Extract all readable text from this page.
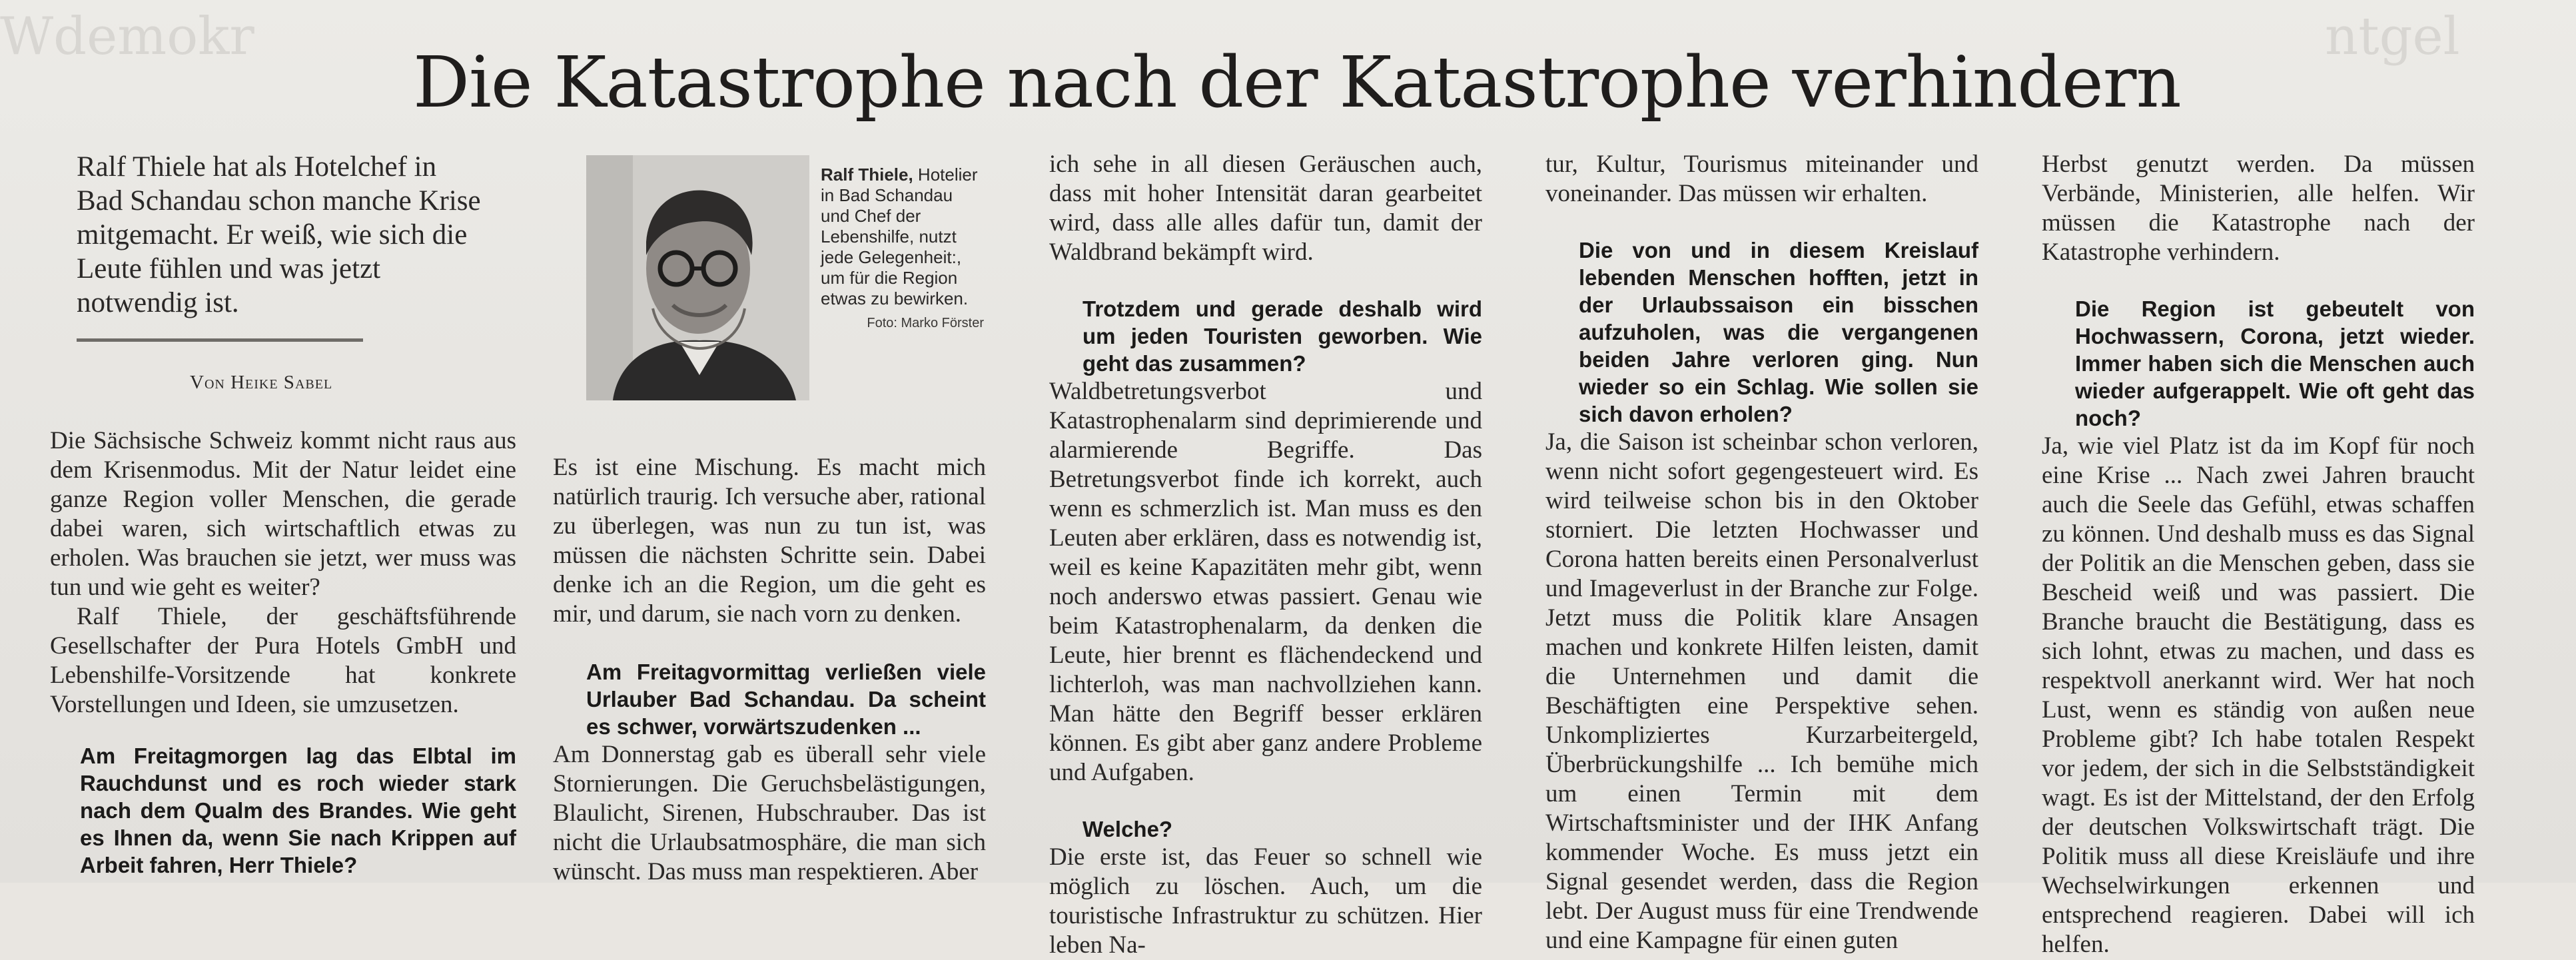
Wdemokr	ntgel
Die Katastrophe nach der Katastrophe verhindern
Ralf Thiele hat als Hotelchef in Bad Schandau schon manche Krise mitgemacht. Er weiß, wie sich die Leute fühlen und was jetzt notwendig ist.
Von Heike Sabel
Ralf Thiele, Hotelier in Bad Schandau und Chef der Lebenshilfe, nutzt jede Gelegenheit:, um für die Region etwas zu bewirken.
Foto: Marko Förster

Die Sächsische Schweiz kommt nicht raus aus dem Krisenmodus. Mit der Natur leidet eine ganze Region voller Menschen, die gerade dabei waren, sich wirtschaftlich etwas zu erholen. Was brauchen sie jetzt, wer muss was tun und wie geht es weiter?

Ralf Thiele, der geschäftsführende Gesellschafter der Pura Hotels GmbH und Lebenshilfe-Vorsitzende hat konkrete Vorstellungen und Ideen, sie umzusetzen.

Am Freitagmorgen lag das Elbtal im Rauchdunst und es roch wieder stark nach dem Qualm des Brandes. Wie geht es Ihnen da, wenn Sie nach Krippen auf Arbeit fahren, Herr Thiele?

Es ist eine Mischung. Es macht mich natürlich traurig. Ich versuche aber, rational zu überlegen, was nun zu tun ist, was müssen die nächsten Schritte sein. Dabei denke ich an die Region, um die geht es mir, und darum, sie nach vorn zu denken.

Am Freitagvormittag verließen viele Urlauber Bad Schandau. Da scheint es schwer, vorwärtszudenken ...

Am Donnerstag gab es überall sehr viele Stornierungen. Die Geruchsbelästigungen, Blaulicht, Sirenen, Hubschrauber. Das ist nicht die Urlaubsatmosphäre, die man sich wünscht. Das muss man respektieren. Aber

ich sehe in all diesen Geräuschen auch, dass mit hoher Intensität daran gearbeitet wird, dass alle alles dafür tun, damit der Waldbrand bekämpft wird.

Trotzdem und gerade deshalb wird um jeden Touristen geworben. Wie geht das zusammen?

Waldbetretungsverbot und Katastrophenalarm sind deprimierende und alarmierende Begriffe. Das Betretungsverbot finde ich korrekt, auch wenn es schmerzlich ist. Man muss es den Leuten aber erklären, dass es notwendig ist, weil es keine Kapazitäten mehr gibt, wenn noch anderswo etwas passiert. Genau wie beim Katastrophenalarm, da denken die Leute, hier brennt es flächendeckend und lichterloh, was man nachvollziehen kann. Man hätte den Begriff besser erklären können. Es gibt aber ganz andere Probleme und Aufgaben.

Welche?

Die erste ist, das Feuer so schnell wie möglich zu löschen. Auch, um die touristische Infrastruktur zu schützen. Hier leben Na-

tur, Kultur, Tourismus miteinander und voneinander. Das müssen wir erhalten.

Die von und in diesem Kreislauf lebenden Menschen hofften, jetzt in der Urlaubssaison ein bisschen aufzuholen, was die vergangenen beiden Jahre verloren ging. Nun wieder so ein Schlag. Wie sollen sie sich davon erholen?

Ja, die Saison ist scheinbar schon verloren, wenn nicht sofort gegengesteuert wird. Es wird teilweise schon bis in den Oktober storniert. Die letzten Hochwasser und Corona hatten bereits einen Personalverlust und Imageverlust in der Branche zur Folge. Jetzt muss die Politik klare Ansagen machen und konkrete Hilfen leisten, damit die Unternehmen und damit die Beschäftigten eine Perspektive sehen. Unkompliziertes Kurzarbeitergeld, Überbrückungshilfe ... Ich bemühe mich um einen Termin mit dem Wirtschaftsminister und der IHK Anfang kommender Woche. Es muss jetzt ein Signal gesendet werden, dass die Region lebt. Der August muss für eine Trendwende und eine Kampagne für einen guten

Herbst genutzt werden. Da müssen Verbände, Ministerien, alle helfen. Wir müssen die Katastrophe nach der Katastrophe verhindern.

Die Region ist gebeutelt von Hochwassern, Corona, jetzt wieder. Immer haben sich die Menschen auch wieder aufgerappelt. Wie oft geht das noch?

Ja, wie viel Platz ist da im Kopf für noch eine Krise ... Nach zwei Jahren braucht auch die Seele das Gefühl, etwas schaffen zu können. Und deshalb muss es das Signal der Politik an die Menschen geben, dass sie Bescheid weiß und was passiert. Die Branche braucht die Bestätigung, dass es sich lohnt, etwas zu machen, und dass es respektvoll anerkannt wird. Wer hat noch Lust, wenn es ständig von außen neue Probleme gibt? Ich habe totalen Respekt vor jedem, der sich in die Selbstständigkeit wagt. Es ist der Mittelstand, der den Erfolg der deutschen Volkswirtschaft trägt. Die Politik muss all diese Kreisläufe und ihre Wechselwirkungen erkennen und entsprechend reagieren. Dabei will ich helfen.
